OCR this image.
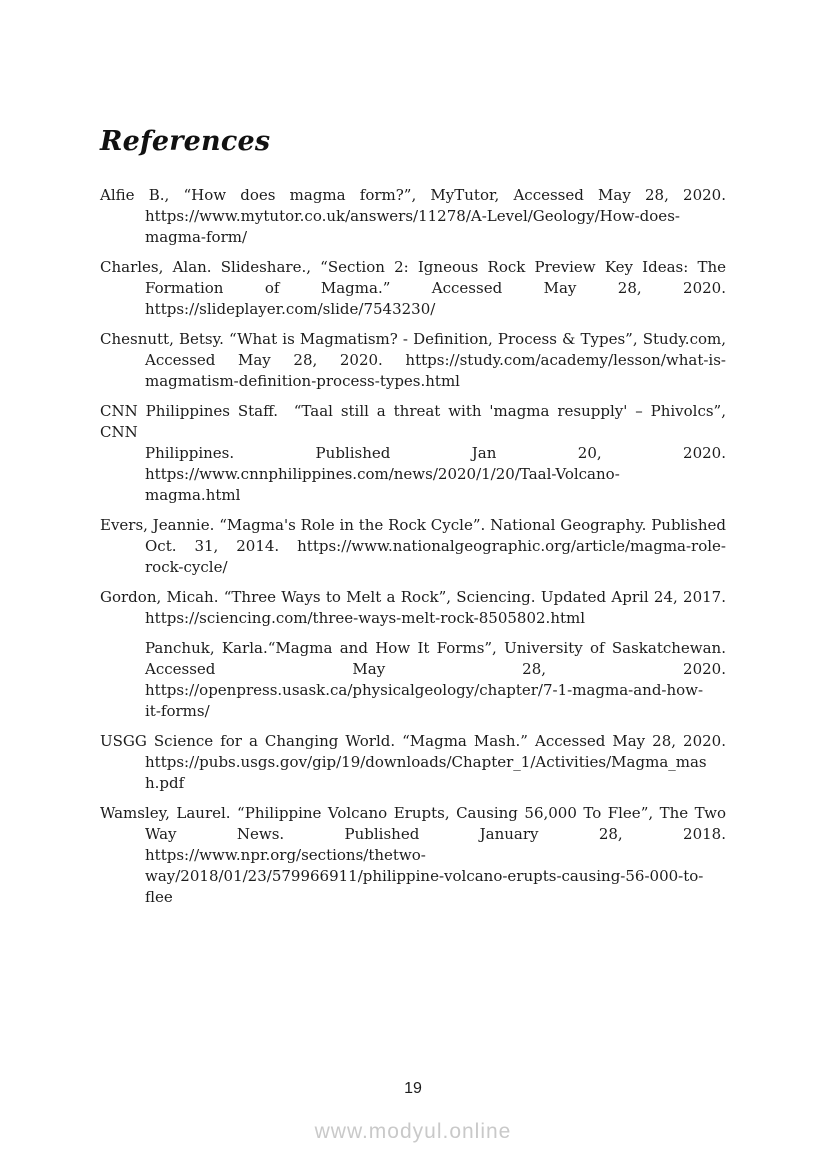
References

Alfie B., “How does magma form?”, MyTutor, Accessed May 28, 2020.
https://www.mytutor.co.uk/answers/11278/A-Level/Geology/How-does-
magma-form/

Charles, Alan. Slideshare., “Section 2: Igneous Rock Preview Key Ideas: The
Formation of Magma.” Accessed May 28, 2020.
https://slideplayer.com/slide/7543230/

Chesnutt, Betsy. “What is Magmatism? - Definition, Process & Types”, Study.com,
Accessed May 28, 2020. https://study.com/academy/lesson/what-is-
magmatism-definition-process-types.html

CNN Philippines Staff.  “Taal still a threat with 'magma resupply' – Phivolcs”, CNN
Philippines. Published Jan 20, 2020.
https://www.cnnphilippines.com/news/2020/1/20/Taal-Volcano-
magma.html

Evers, Jeannie. “Magma's Role in the Rock Cycle”. National Geography. Published
Oct. 31, 2014. https://www.nationalgeographic.org/article/magma-role-
rock-cycle/

Gordon, Micah. “Three Ways to Melt a Rock”, Sciencing. Updated April 24, 2017.
https://sciencing.com/three-ways-melt-rock-8505802.html

Panchuk, Karla.“Magma and How It Forms”, University of Saskatchewan.
Accessed May 28, 2020.
https://openpress.usask.ca/physicalgeology/chapter/7-1-magma-and-how-
it-forms/

USGG Science for a Changing World. “Magma Mash.” Accessed May 28, 2020.
https://pubs.usgs.gov/gip/19/downloads/Chapter_1/Activities/Magma_mas
h.pdf

Wamsley, Laurel. “Philippine Volcano Erupts, Causing 56,000 To Flee”, The Two
Way News. Published January 28, 2018.
https://www.npr.org/sections/thetwo-
way/2018/01/23/579966911/philippine-volcano-erupts-causing-56-000-to-
flee

19
www.modyul.online
